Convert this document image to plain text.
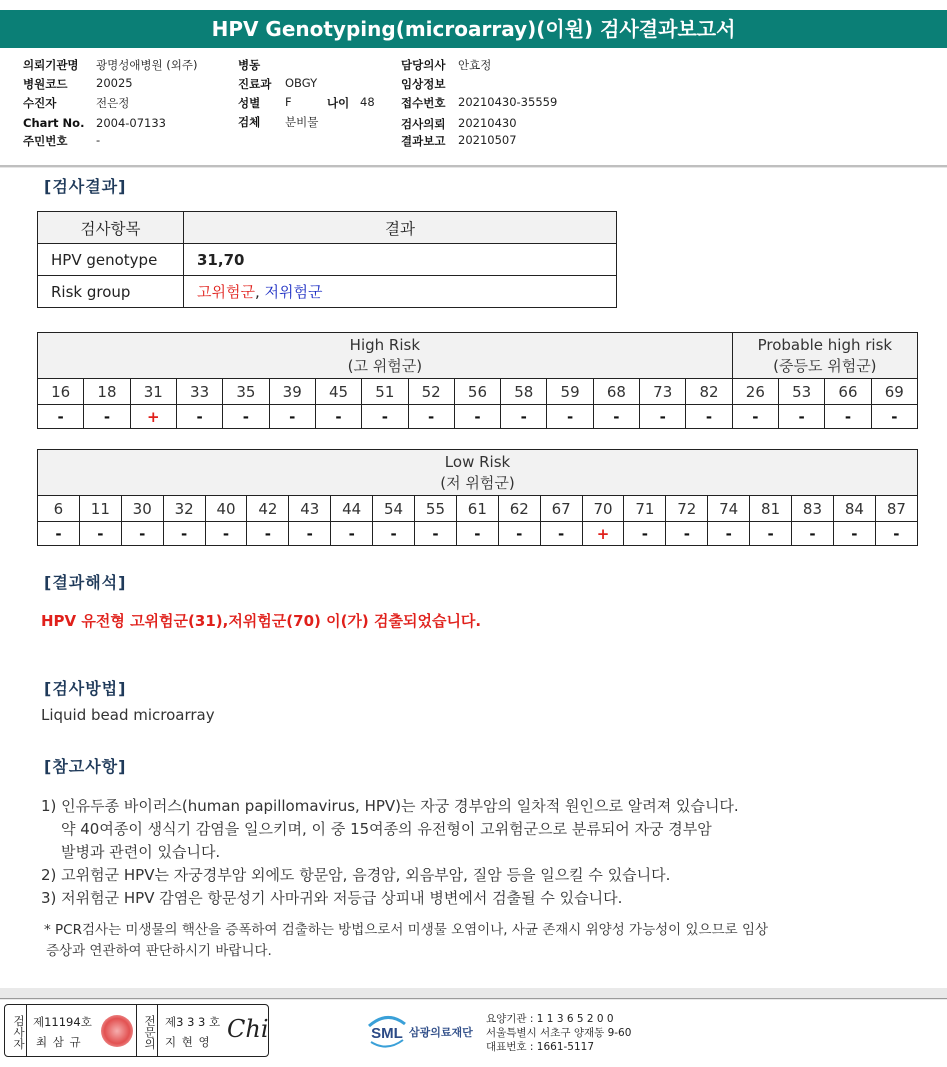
HPV Genotyping(microarray)(이원) 검사결과보고서
의뢰기관명 광명성애병원 (외주)
병원코드 20025
수진자	전은정
Chart No. 2004-07133
주민번호 -
병동
진료과 OBGY
성별 F	나이 48
검체 분비물
담당의사 안효정
임상정보
접수번호 20210430-35559
검사의뢰 20210430
결과보고 20210507
[검사결과]
검사항목	결과
HPV genotype	31,70
Risk group	고위험군, 저위험군
High Risk
(고 위험군)															Probable high risk
(중등도 위험군)			
16	18	31	33	35	39	45	51	52	56	58	59	68	73	82	26	53	66	69
-	-	+	-	-	-	-	-	-	-	-	-	-	-	-	-	-	-	-
Low Risk
(저 위험군)																				
6	11	30	32	40	42	43	44	54	55	61	62	67	70	71	72	74	81	83	84	87
-	-	-	-	-	-	-	-	-	-	-	-	-	+	-	-	-	-	-	-	-
[결과해석]
HPV 유전형 고위험군(31),저위험군(70) 이(가) 검출되었습니다.
[검사방법]
Liquid bead microarray
[참고사항]
1) 인유두종 바이러스(human papillomavirus, HPV)는 자궁 경부암의 일차적 원인으로 알려져 있습니다.
약 40여종이 생식기 감염을 일으키며, 이 중 15여종의 유전형이 고위험군으로 분류되어 자궁 경부암
발병과 관련이 있습니다.
2) 고위험군 HPV는 자궁경부암 외에도 항문암, 음경암, 외음부암, 질암 등을 일으킬 수 있습니다.
3) 저위험군 HPV 감염은 항문성기 사마귀와 저등급 상피내 병변에서 검출될 수 있습니다.
* PCR검사는 미생물의 핵산을 증폭하여 검출하는 방법으로서 미생물 오염이나, 사균 존재시 위양성 가능성이 있으므로 임상
증상과 연관하여 판단하시기 바랍니다.
검사자 제11194호
최 삼 규	전문의 제3 3 3 호
지 현 영 Chi	SML 삼광의료재단
요양기관 : 1 1 3 6 5 2 0 0
서울특별시 서초구 양재동 9-60
대표번호 : 1661-5117
